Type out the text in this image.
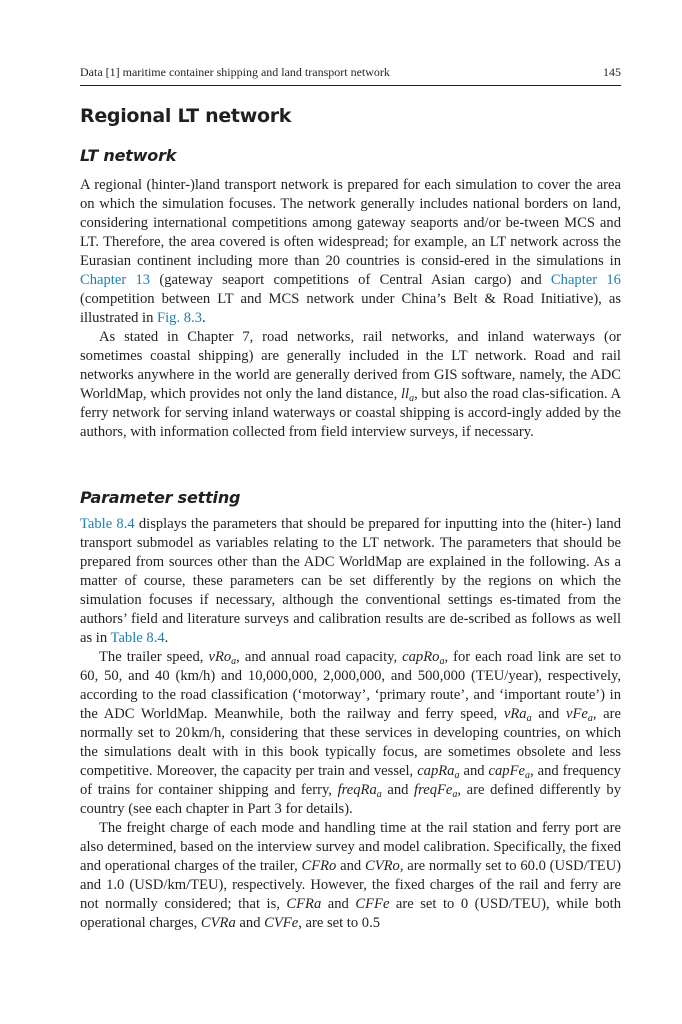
Data [1] maritime container shipping and land transport network	145
Regional LT network
LT network

A regional (hinter-)land transport network is prepared for each simulation to cover the area on which the simulation focuses. The network generally includes national borders on land, considering international competitions among gateway seaports and/or be-tween MCS and LT. Therefore, the area covered is often widespread; for example, an LT network across the Eurasian continent including more than 20 countries is consid-ered in the simulations in Chapter 13 (gateway seaport competitions of Central Asian cargo) and Chapter 16 (competition between LT and MCS network under China’s Belt & Road Initiative), as illustrated in Fig. 8.3.

As stated in Chapter 7, road networks, rail networks, and inland waterways (or sometimes coastal shipping) are generally included in the LT network. Road and rail networks anywhere in the world are generally derived from GIS software, namely, the ADC WorldMap, which provides not only the land distance, $ll_a$, but also the road clas-sification. A ferry network for serving inland waterways or coastal shipping is accord-ingly added by the authors, with information collected from field interview surveys, if necessary.

Parameter setting

Table 8.4 displays the parameters that should be prepared for inputting into the (hiter-) land transport submodel as variables relating to the LT network. The parameters that should be prepared from sources other than the ADC WorldMap are explained in the following. As a matter of course, these parameters can be set differently by the regions on which the simulation focuses if necessary, although the conventional settings es-timated from the authors’ field and literature surveys and calibration results are de-scribed as follows as well as in Table 8.4.

The trailer speed, vRo$_a$, and annual road capacity, capRo$_a$, for each road link are set to 60, 50, and 40 (km/h) and 10,000,000, 2,000,000, and 500,000 (TEU/year), respectively, according to the road classification (‘motorway’, ‘primary route’, and ‘important route’) in the ADC WorldMap. Meanwhile, both the railway and ferry speed, vRa$_a$ and vFe$_a$, are normally set to 20 km/h, considering that these services in developing countries, on which the simulations dealt with in this book typically focus, are sometimes obsolete and less competitive. Moreover, the capacity per train and vessel, capRa$_a$ and capFe$_a$, and frequency of trains for container shipping and ferry, freqRa$_a$ and freqFe$_a$, are defined differently by country (see each chapter in Part 3 for details).

The freight charge of each mode and handling time at the rail station and ferry port are also determined, based on the interview survey and model calibration. Specifically, the fixed and operational charges of the trailer, CFRo and CVRo, are normally set to 60.0 (USD/TEU) and 1.0 (USD/km/TEU), respectively. However, the fixed charges of the rail and ferry are not normally considered; that is, CFRa and CFFe are set to 0 (USD/TEU), while both operational charges, CVRa and CVFe, are set to 0.5
